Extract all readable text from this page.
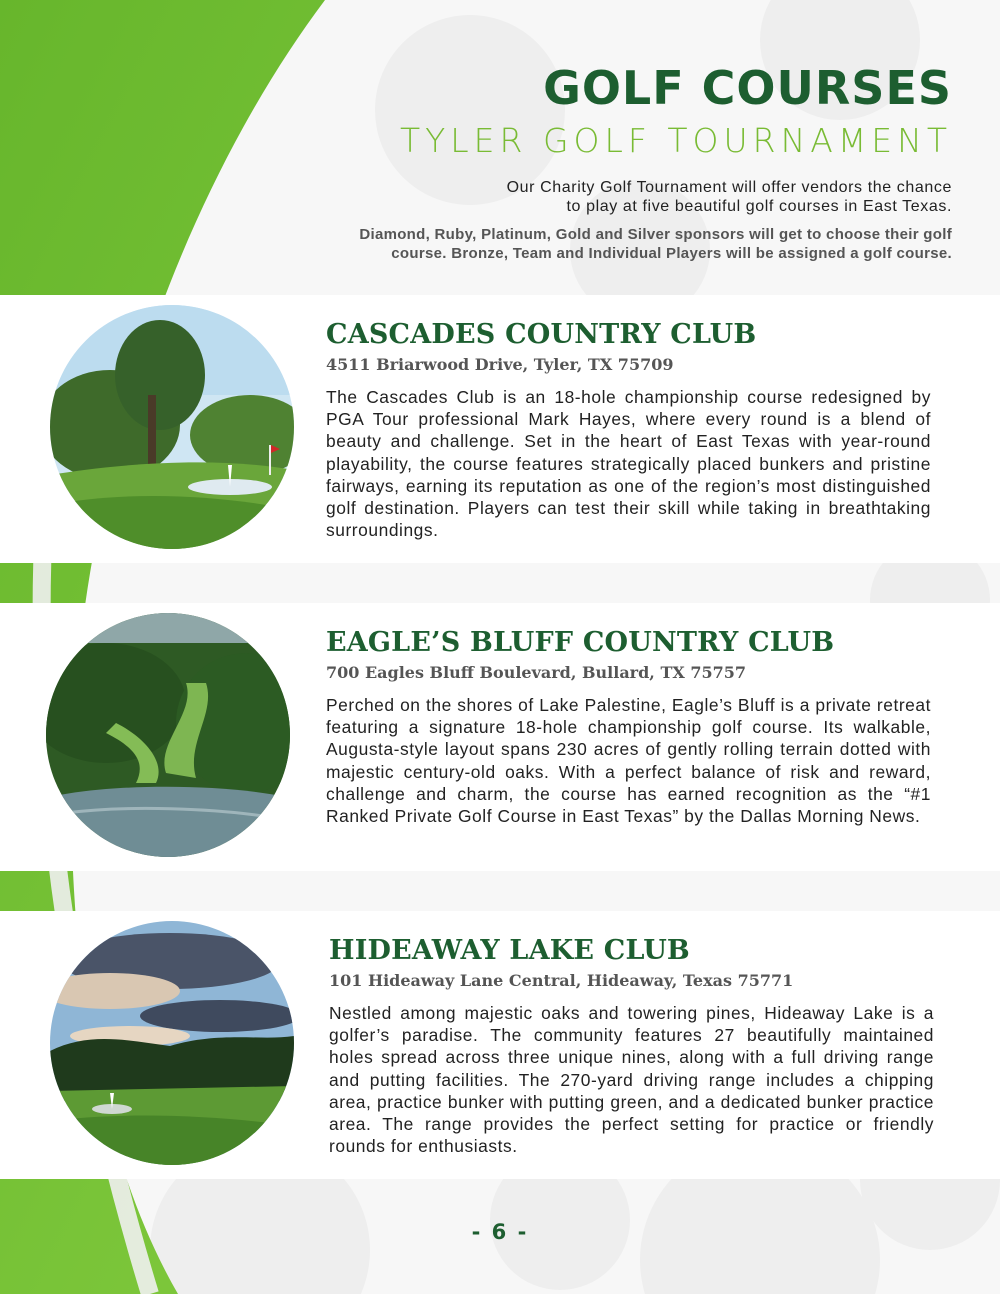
GOLF COURSES
TYLER GOLF TOURNAMENT

Our Charity Golf Tournament will offer vendors the chance
to play at five beautiful golf courses in East Texas.

Diamond, Ruby, Platinum, Gold and Silver sponsors will get to choose their golf
course. Bronze, Team and Individual Players will be assigned a golf course.

CASCADES COUNTRY CLUB

4511 Briarwood Drive, Tyler, TX 75709

The Cascades Club is an 18-hole championship course redesigned by PGA Tour professional Mark Hayes, where every round is a blend of beauty and challenge. Set in the heart of East Texas with year-round playability, the course features strategically placed bunkers and pristine fairways, earning its reputation as one of the region’s most distinguished golf destination. Players can test their skill while taking in breathtaking surroundings.

EAGLE’S BLUFF COUNTRY CLUB

700 Eagles Bluff Boulevard, Bullard, TX 75757

Perched on the shores of Lake Palestine, Eagle’s Bluff is a private retreat featuring a signature 18-hole championship golf course. Its walkable, Augusta-style layout spans 230 acres of gently rolling terrain dotted with majestic century-old oaks. With a perfect balance of risk and reward, challenge and charm, the course has earned recognition as the “#1 Ranked Private Golf Course in East Texas” by the Dallas Morning News.

HIDEAWAY LAKE CLUB

101 Hideaway Lane Central, Hideaway, Texas 75771

Nestled among majestic oaks and towering pines, Hideaway Lake is a golfer’s paradise. The community features 27 beautifully maintained holes spread across three unique nines, along with a full driving range and putting facilities. The 270-yard driving range includes a chipping area, practice bunker with putting green, and a dedicated bunker practice area. The range provides the perfect setting for practice or friendly rounds for enthusiasts.

- 6 -
